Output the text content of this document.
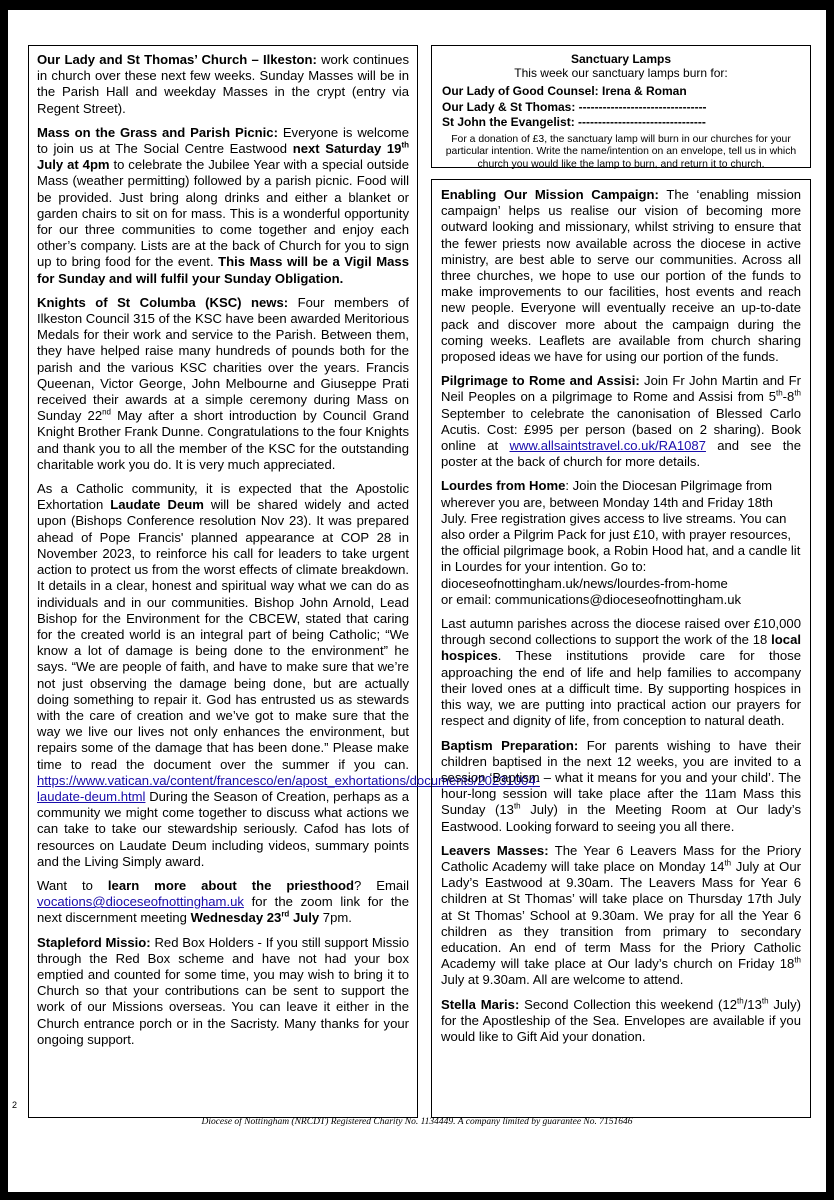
Our Lady and St Thomas’ Church – Ilkeston: work continues in church over these next few weeks. Sunday Masses will be in the Parish Hall and weekday Masses in the crypt (entry via Regent Street).

Mass on the Grass and Parish Picnic: Everyone is welcome to join us at The Social Centre Eastwood next Saturday 19th July at 4pm to celebrate the Jubilee Year with a special outside Mass (weather permitting) followed by a parish picnic. Food will be provided. Just bring along drinks and either a blanket or garden chairs to sit on for mass. This is a wonderful opportunity for our three communities to come together and enjoy each other’s company. Lists are at the back of Church for you to sign up to bring food for the event. This Mass will be a Vigil Mass for Sunday and will fulfil your Sunday Obligation.

Knights of St Columba (KSC) news: Four members of Ilkeston Council 315 of the KSC have been awarded Meritorious Medals for their work and service to the Parish. Between them, they have helped raise many hundreds of pounds both for the parish and the various KSC charities over the years. Francis Queenan, Victor George, John Melbourne and Giuseppe Prati received their awards at a simple ceremony during Mass on Sunday 22nd May after a short introduction by Council Grand Knight Brother Frank Dunne. Congratulations to the four Knights and thank you to all the member of the KSC for the outstanding charitable work you do. It is very much appreciated.

As a Catholic community, it is expected that the Apostolic Exhortation Laudate Deum will be shared widely and acted upon (Bishops Conference resolution Nov 23). It was prepared ahead of Pope Francis' planned appearance at COP 28 in November 2023, to reinforce his call for leaders to take urgent action to protect us from the worst effects of climate breakdown. It details in a clear, honest and spiritual way what we can do as individuals and in our communities. Bishop John Arnold, Lead Bishop for the Environment for the CBCEW, stated that caring for the created world is an integral part of being Catholic; “We know a lot of damage is being done to the environment” he says. “We are people of faith, and have to make sure that we’re not just observing the damage being done, but are actually doing something to repair it. God has entrusted us as stewards with the care of creation and we’ve got to make sure that the way we live our lives not only enhances the environment, but repairs some of the damage that has been done.” Please make time to read the document over the summer if you can. https://www.vatican.va/content/francesco/en/apost_exhortations/documents/20231004-laudate-deum.html During the Season of Creation, perhaps as a community we might come together to discuss what actions we can take to take our stewardship seriously. Cafod has lots of resources on Laudate Deum including videos, summary points and the Living Simply award.

Want to learn more about the priesthood? Email vocations@dioceseofnottingham.uk for the zoom link for the next discernment meeting Wednesday 23rd July 7pm.

Stapleford Missio: Red Box Holders - If you still support Missio through the Red Box scheme and have not had your box emptied and counted for some time, you may wish to bring it to Church so that your contributions can be sent to support the work of our Missions overseas. You can leave it either in the Church entrance porch or in the Sacristy. Many thanks for your ongoing support.

Sanctuary Lamps
This week our sanctuary lamps burn for:
Our Lady of Good Counsel: Irena & Roman
Our Lady & St Thomas: --------------------------------
St John the Evangelist: --------------------------------
For a donation of £3, the sanctuary lamp will burn in our churches for your particular intention. Write the name/intention on an envelope, tell us in which church you would like the lamp to burn, and return it to church.

Enabling Our Mission Campaign: The ‘enabling mission campaign’ helps us realise our vision of becoming more outward looking and missionary, whilst striving to ensure that the fewer priests now available across the diocese in active ministry, are best able to serve our communities. Across all three churches, we hope to use our portion of the funds to make improvements to our facilities, host events and reach new people. Everyone will eventually receive an up-to-date pack and discover more about the campaign during the coming weeks. Leaflets are available from church sharing proposed ideas we have for using our portion of the funds.

Pilgrimage to Rome and Assisi: Join Fr John Martin and Fr Neil Peoples on a pilgrimage to Rome and Assisi from 5th-8th September to celebrate the canonisation of Blessed Carlo Acutis. Cost: £995 per person (based on 2 sharing). Book online at www.allsaintstravel.co.uk/RA1087 and see the poster at the back of church for more details.

Lourdes from Home: Join the Diocesan Pilgrimage from wherever you are, between Monday 14th and Friday 18th July. Free registration gives access to live streams. You can also order a Pilgrim Pack for just £10, with prayer resources, the official pilgrimage book, a Robin Hood hat, and a candle lit in Lourdes for your intention. Go to: dioceseofnottingham.uk/news/lourdes-from-home
or email: communications@dioceseofnottingham.uk

Last autumn parishes across the diocese raised over £10,000 through second collections to support the work of the 18 local hospices. These institutions provide care for those approaching the end of life and help families to accompany their loved ones at a difficult time. By supporting hospices in this way, we are putting into practical action our prayers for respect and dignity of life, from conception to natural death.

Baptism Preparation: For parents wishing to have their children baptised in the next 12 weeks, you are invited to a session ‘Baptism – what it means for you and your child’. The hour-long session will take place after the 11am Mass this Sunday (13th July) in the Meeting Room at Our lady’s Eastwood. Looking forward to seeing you all there.

Leavers Masses: The Year 6 Leavers Mass for the Priory Catholic Academy will take place on Monday 14th July at Our Lady’s Eastwood at 9.30am. The Leavers Mass for Year 6 children at St Thomas’ will take place on Thursday 17th July at St Thomas’ School at 9.30am. We pray for all the Year 6 children as they transition from primary to secondary education. An end of term Mass for the Priory Catholic Academy will take place at Our lady’s church on Friday 18th July at 9.30am. All are welcome to attend.

Stella Maris: Second Collection this weekend (12th/13th July) for the Apostleship of the Sea. Envelopes are available if you would like to Gift Aid your donation.

2
Diocese of Nottingham (NRCDT) Registered Charity No. 1134449. A company limited by guarantee No. 7151646
